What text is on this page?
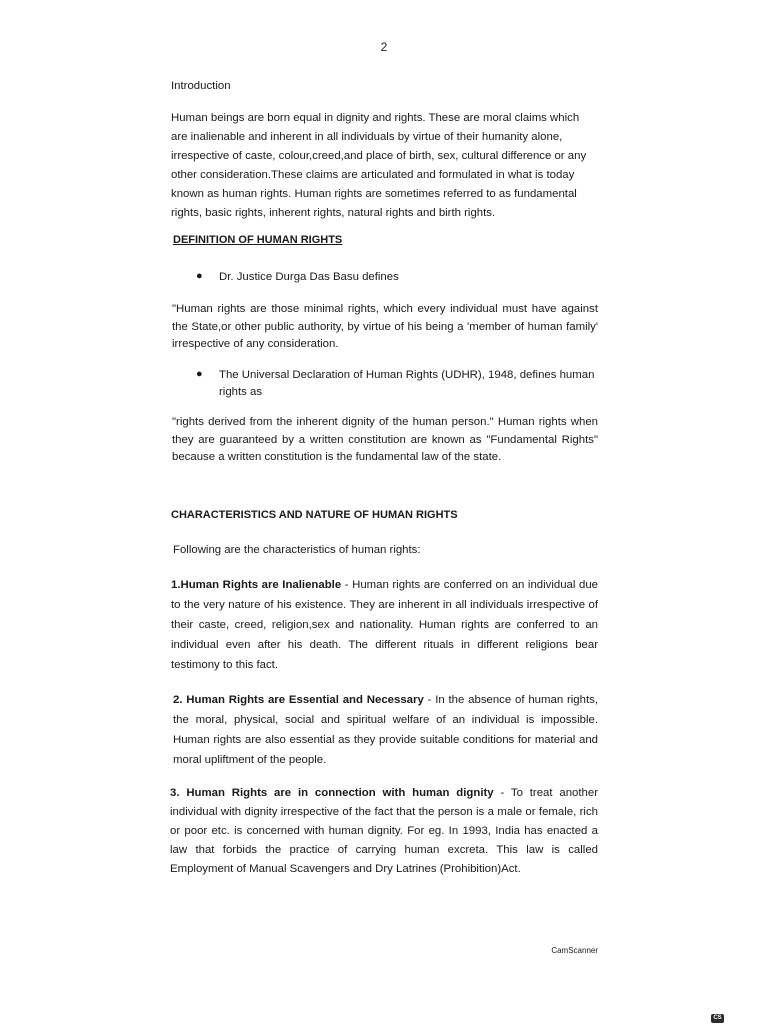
2
Introduction
Human beings are born equal in dignity and rights. These are moral claims which are inalienable and inherent in all individuals by virtue of their humanity alone, irrespective of caste, colour,creed,and place of birth, sex, cultural difference or any other consideration.These claims are articulated and formulated in what is today known as human rights. Human rights are sometimes referred to as fundamental rights, basic rights, inherent rights, natural rights and birth rights.
DEFINITION OF HUMAN RIGHTS
● Dr. Justice Durga Das Basu defines
"Human rights are those minimal rights, which every individual must have against the State,or other public authority, by virtue of his being a 'member of human family' irrespective of any consideration.
● The Universal Declaration of Human Rights (UDHR), 1948, defines human rights as
"rights derived from the inherent dignity of the human person." Human rights when they are guaranteed by a written constitution are known as "Fundamental Rights" because a written constitution is the fundamental law of the state.
CHARACTERISTICS AND NATURE OF HUMAN RIGHTS
Following are the characteristics of human rights:
1.Human Rights are Inalienable - Human rights are conferred on an individual due to the very nature of his existence. They are inherent in all individuals irrespective of their caste, creed, religion,sex and nationality. Human rights are conferred to an individual even after his death. The different rituals in different religions bear testimony to this fact.
2. Human Rights are Essential and Necessary - In the absence of human rights, the moral, physical, social and spiritual welfare of an individual is impossible. Human rights are also essential as they provide suitable conditions for material and moral upliftment of the people.
3. Human Rights are in connection with human dignity - To treat another individual with dignity irrespective of the fact that the person is a male or female, rich or poor etc. is concerned with human dignity. For eg. In 1993, India has enacted a law that forbids the practice of carrying human excreta. This law is called Employment of Manual Scavengers and Dry Latrines (Prohibition)Act.
CamScanner
CS
